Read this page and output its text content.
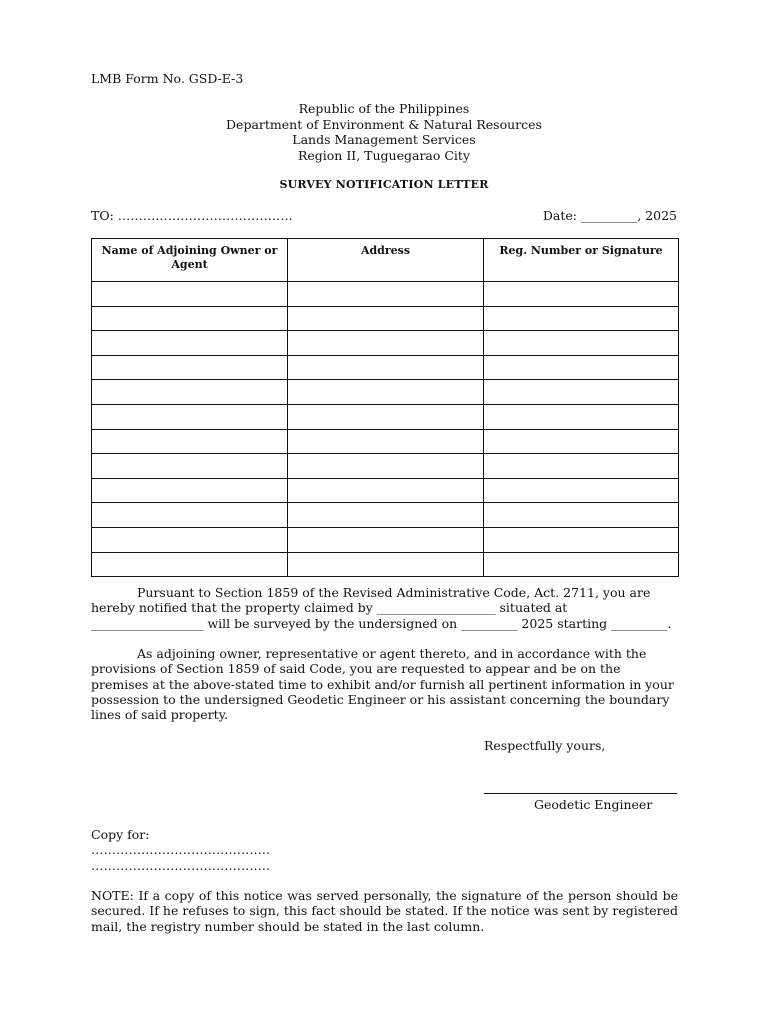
LMB Form No. GSD-E-3
Republic of the Philippines
Department of Environment & Natural Resources
Lands Management Services
Region II, Tuguegarao City
SURVEY NOTIFICATION LETTER
TO: ……………………………………	Date: _________, 2025
Name of Adjoining Owner or Agent	Address	Reg. Number or Signature

Pursuant to Section 1859 of the Revised Administrative Code, Act. 2711, you are hereby notified that the property claimed by ___________________ situated at __________________ will be surveyed by the undersigned on _________ 2025 starting _________.
As adjoining owner, representative or agent thereto, and in accordance with the provisions of Section 1859 of said Code, you are requested to appear and be on the premises at the above-stated time to exhibit and/or furnish all pertinent information in your possession to the undersigned Geodetic Engineer or his assistant concerning the boundary lines of said property.
Respectfully yours,
Geodetic Engineer
Copy for:
…………………………………….
…………………………………….
NOTE: If a copy of this notice was served personally, the signature of the person should be secured. If he refuses to sign, this fact should be stated. If the notice was sent by registered mail, the registry number should be stated in the last column.
